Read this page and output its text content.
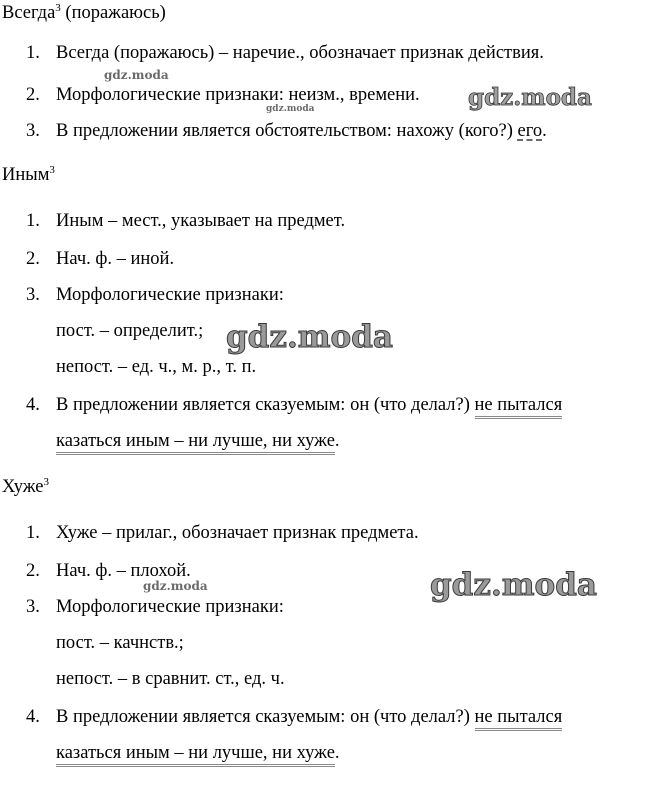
Всегда$^3$ (поражаюсь)
1. Всегда (поражаюсь) – наречие., обозначает признак действия.
2. Морфологические признаки: неизм., времени.
3. В предложении является обстоятельством: нахожу (кого?) его.
Иным$^3$
1. Иным – мест., указывает на предмет.
2. Нач. ф. – иной.
3. Морфологические признаки:
пост. – определит.;
непост. – ед. ч., м. р., т. п.
4. В предложении является сказуемым: он (что делал?) не пытался
казаться иным – ни лучше, ни хуже.
Хуже$^3$
1. Хуже – прилаг., обозначает признак предмета.
2. Нач. ф. – плохой.
3. Морфологические признаки:
пост. – качнств.;
непост. – в сравнит. ст., ед. ч.
4. В предложении является сказуемым: он (что делал?) не пытался
казаться иным – ни лучше, ни хуже.
gdz.moda
gdz.moda	gdz.moda
gdz.moda
gdz.moda	gdz.moda
